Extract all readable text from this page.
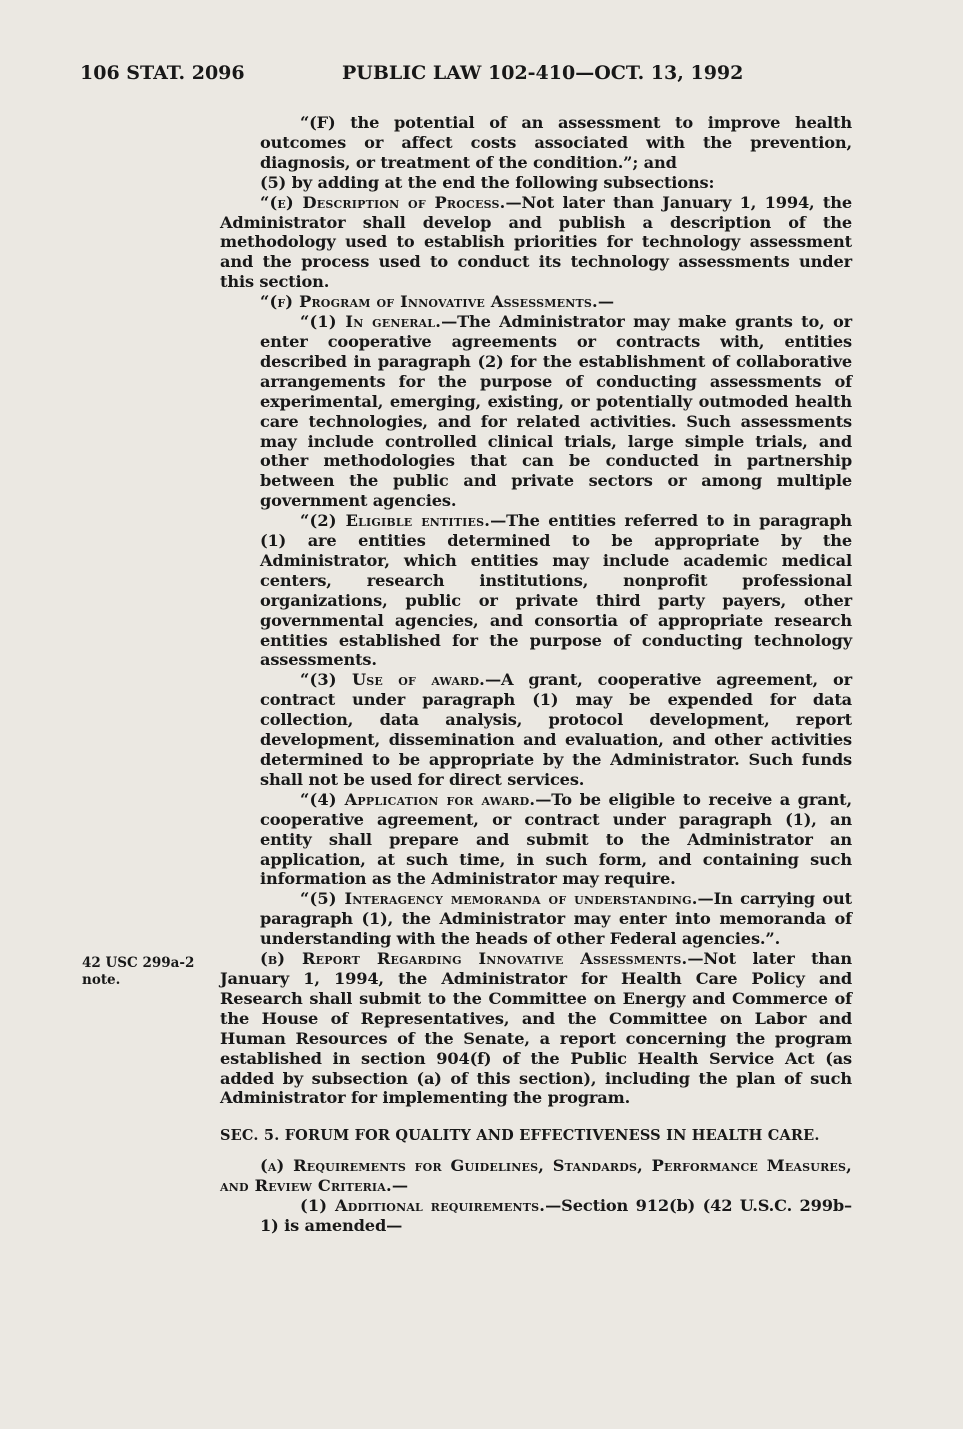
106 STAT. 2096	PUBLIC LAW 102-410—OCT. 13, 1992
42 USC 299a-2
note.

“(F) the potential of an assessment to improve health outcomes or affect costs associated with the prevention, diagnosis, or treatment of the condition.”; and

(5) by adding at the end the following subsections:

“(e) Description of Process.—Not later than January 1, 1994, the Administrator shall develop and publish a description of the methodology used to establish priorities for technology assessment and the process used to conduct its technology assessments under this section.

“(f) Program of Innovative Assessments.—

“(1) In general.—The Administrator may make grants to, or enter cooperative agreements or contracts with, entities described in paragraph (2) for the establishment of collaborative arrangements for the purpose of conducting assessments of experimental, emerging, existing, or potentially outmoded health care technologies, and for related activities. Such assessments may include controlled clinical trials, large simple trials, and other methodologies that can be conducted in partnership between the public and private sectors or among multiple government agencies.

“(2) Eligible entities.—The entities referred to in paragraph (1) are entities determined to be appropriate by the Administrator, which entities may include academic medical centers, research institutions, nonprofit professional organizations, public or private third party payers, other governmental agencies, and consortia of appropriate research entities established for the purpose of conducting technology assessments.

“(3) Use of award.—A grant, cooperative agreement, or contract under paragraph (1) may be expended for data collection, data analysis, protocol development, report development, dissemination and evaluation, and other activities determined to be appropriate by the Administrator. Such funds shall not be used for direct services.

“(4) Application for award.—To be eligible to receive a grant, cooperative agreement, or contract under paragraph (1), an entity shall prepare and submit to the Administrator an application, at such time, in such form, and containing such information as the Administrator may require.

“(5) Interagency memoranda of understanding.—In carrying out paragraph (1), the Administrator may enter into memoranda of understanding with the heads of other Federal agencies.”.

(b) Report Regarding Innovative Assessments.—Not later than January 1, 1994, the Administrator for Health Care Policy and Research shall submit to the Committee on Energy and Commerce of the House of Representatives, and the Committee on Labor and Human Resources of the Senate, a report concerning the program established in section 904(f) of the Public Health Service Act (as added by subsection (a) of this section), including the plan of such Administrator for implementing the program.

SEC. 5. FORUM FOR QUALITY AND EFFECTIVENESS IN HEALTH CARE.

(a) Requirements for Guidelines, Standards, Performance Measures, and Review Criteria.—

(1) Additional requirements.—Section 912(b) (42 U.S.C. 299b–1) is amended—
